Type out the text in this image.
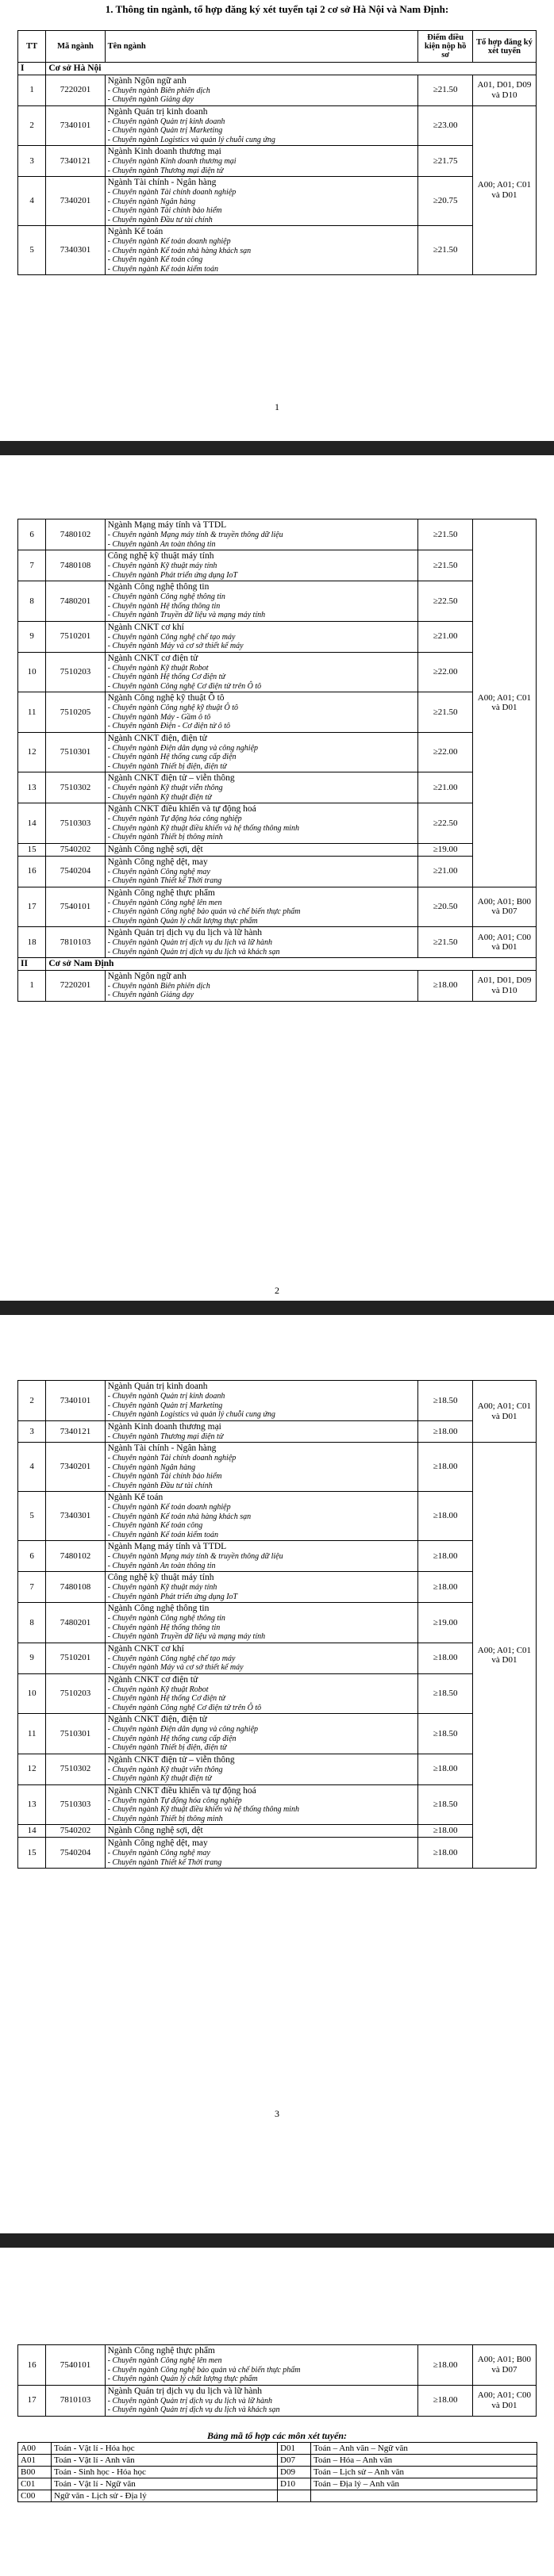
1. Thông tin ngành, tổ hợp đăng ký xét tuyển tại 2 cơ sở Hà Nội và Nam Định:
TT	Mã ngành	Tên ngành	Điểm điều kiện nộp hồ sơ	Tổ hợp đăng ký xét tuyển
I	Cơ sở Hà Nội			
1	7220201	Ngành Ngôn ngữ anh
- Chuyên ngành Biên phiên dịch
- Chuyên ngành Giảng dạy	≥21.50	A01, D01, D09 và D10
2	7340101	Ngành Quản trị kinh doanh
- Chuyên ngành Quản trị kinh doanh
- Chuyên ngành Quản trị Marketing
- Chuyên ngành Logistics và quản lý chuỗi cung ứng	≥23.00	A00; A01; C01 và D01
3	7340121	Ngành Kinh doanh thương mại
- Chuyên ngành Kinh doanh thương mại
- Chuyên ngành Thương mại điện tử	≥21.75	
4	7340201	Ngành Tài chính - Ngân hàng
- Chuyên ngành Tài chính doanh nghiệp
- Chuyên ngành Ngân hàng
- Chuyên ngành Tài chính bảo hiểm
- Chuyên ngành Đầu tư tài chính	≥20.75	
5	7340301	Ngành Kế toán
- Chuyên ngành Kế toán doanh nghiệp
- Chuyên ngành Kế toán nhà hàng khách sạn
- Chuyên ngành Kế toán công
- Chuyên ngành Kế toán kiểm toán	≥21.50	
1
6	7480102	Ngành Mạng máy tính và TTDL
- Chuyên ngành Mạng máy tính & truyền thông dữ liệu
- Chuyên ngành An toàn thông tin	≥21.50	A00; A01; C01 và D01
7	7480108	Công nghệ kỹ thuật máy tính
- Chuyên ngành Kỹ thuật máy tính
- Chuyên ngành Phát triển ứng dụng IoT	≥21.50	
8	7480201	Ngành Công nghệ thông tin
- Chuyên ngành Công nghệ thông tin
- Chuyên ngành Hệ thống thông tin
- Chuyên ngành Truyền dữ liệu và mạng máy tính	≥22.50	
9	7510201	Ngành CNKT cơ khí
- Chuyên ngành Công nghệ chế tạo máy
- Chuyên ngành Máy và cơ sở thiết kế máy	≥21.00	
10	7510203	Ngành CNKT cơ điện tử
- Chuyên ngành Kỹ thuật Robot
- Chuyên ngành Hệ thống Cơ điện tử
- Chuyên ngành Công nghệ Cơ điện tử trên Ô tô	≥22.00	
11	7510205	Ngành Công nghệ kỹ thuật Ô tô
- Chuyên ngành Công nghệ kỹ thuật Ô tô
- Chuyên ngành Máy - Gầm ô tô
- Chuyên ngành Điện - Cơ điện tử ô tô	≥21.50	
12	7510301	Ngành CNKT điện, điện tử
- Chuyên ngành Điện dân dụng và công nghiệp
- Chuyên ngành Hệ thống cung cấp điện
- Chuyên ngành Thiết bị điện, điện tử	≥22.00	
13	7510302	Ngành CNKT điện tử – viễn thông
- Chuyên ngành Kỹ thuật viễn thông
- Chuyên ngành Kỹ thuật điện tử	≥21.00	
14	7510303	Ngành CNKT điều khiển và tự động hoá
- Chuyên ngành Tự động hóa công nghiệp
- Chuyên ngành Kỹ thuật điều khiển và hệ thống thông minh
- Chuyên ngành Thiết bị thông minh	≥22.50	
15	7540202	Ngành Công nghệ sợi, dệt	≥19.00	
16	7540204	Ngành Công nghệ dệt, may
- Chuyên ngành Công nghệ may
- Chuyên ngành Thiết kế Thời trang	≥21.00	
17	7540101	Ngành Công nghệ thực phẩm
- Chuyên ngành Công nghệ lên men
- Chuyên ngành Công nghệ bảo quản và chế biến thực phẩm
- Chuyên ngành Quản lý chất lượng thực phẩm	≥20.50	A00; A01; B00 và D07
18	7810103	Ngành Quản trị dịch vụ du lịch và lữ hành
- Chuyên ngành Quản trị dịch vụ du lịch và lữ hành
- Chuyên ngành Quản trị dịch vụ du lịch và khách sạn	≥21.50	A00; A01; C00 và D01
II	Cơ sở Nam Định			
1	7220201	Ngành Ngôn ngữ anh
- Chuyên ngành Biên phiên dịch
- Chuyên ngành Giảng dạy	≥18.00	A01, D01, D09 và D10
2
2	7340101	Ngành Quản trị kinh doanh
- Chuyên ngành Quản trị kinh doanh
- Chuyên ngành Quản trị Marketing
- Chuyên ngành Logistics và quản lý chuỗi cung ứng	≥18.50	A00; A01; C01 và D01
3	7340121	Ngành Kinh doanh thương mại
- Chuyên ngành Thương mại điện tử	≥18.00	
4	7340201	Ngành Tài chính - Ngân hàng
- Chuyên ngành Tài chính doanh nghiệp
- Chuyên ngành Ngân hàng
- Chuyên ngành Tài chính bảo hiểm
- Chuyên ngành Đầu tư tài chính	≥18.00	A00; A01; C01 và D01
5	7340301	Ngành Kế toán
- Chuyên ngành Kế toán doanh nghiệp
- Chuyên ngành Kế toán nhà hàng khách sạn
- Chuyên ngành Kế toán công
- Chuyên ngành Kế toán kiểm toán	≥18.00	
6	7480102	Ngành Mạng máy tính và TTDL
- Chuyên ngành Mạng máy tính & truyền thông dữ liệu
- Chuyên ngành An toàn thông tin	≥18.00	
7	7480108	Công nghệ kỹ thuật máy tính
- Chuyên ngành Kỹ thuật máy tính
- Chuyên ngành Phát triển ứng dụng IoT	≥18.00	
8	7480201	Ngành Công nghệ thông tin
- Chuyên ngành Công nghệ thông tin
- Chuyên ngành Hệ thống thông tin
- Chuyên ngành Truyền dữ liệu và mạng máy tính	≥19.00	
9	7510201	Ngành CNKT cơ khí
- Chuyên ngành Công nghệ chế tạo máy
- Chuyên ngành Máy và cơ sở thiết kế máy	≥18.00	
10	7510203	Ngành CNKT cơ điện tử
- Chuyên ngành Kỹ thuật Robot
- Chuyên ngành Hệ thống Cơ điện tử
- Chuyên ngành Công nghệ Cơ điện tử trên Ô tô	≥18.50	
11	7510301	Ngành CNKT điện, điện tử
- Chuyên ngành Điện dân dụng và công nghiệp
- Chuyên ngành Hệ thống cung cấp điện
- Chuyên ngành Thiết bị điện, điện tử	≥18.50	
12	7510302	Ngành CNKT điện tử – viễn thông
- Chuyên ngành Kỹ thuật viễn thông
- Chuyên ngành Kỹ thuật điện tử	≥18.00	
13	7510303	Ngành CNKT điều khiển và tự động hoá
- Chuyên ngành Tự động hóa công nghiệp
- Chuyên ngành Kỹ thuật điều khiển và hệ thống thông minh
- Chuyên ngành Thiết bị thông minh	≥18.50	
14	7540202	Ngành Công nghệ sợi, dệt	≥18.00	
15	7540204	Ngành Công nghệ dệt, may
- Chuyên ngành Công nghệ may
- Chuyên ngành Thiết kế Thời trang	≥18.00	
3
16	7540101	Ngành Công nghệ thực phẩm
- Chuyên ngành Công nghệ lên men
- Chuyên ngành Công nghệ bảo quản và chế biến thực phẩm
- Chuyên ngành Quản lý chất lượng thực phẩm	≥18.00	A00; A01; B00 và D07
17	7810103	Ngành Quản trị dịch vụ du lịch và lữ hành
- Chuyên ngành Quản trị dịch vụ du lịch và lữ hành
- Chuyên ngành Quản trị dịch vụ du lịch và khách sạn	≥18.00	A00; A01; C00 và D01
Bảng mã tổ hợp các môn xét tuyển:
A00	Toán - Vật lí - Hóa học	D01	Toán – Anh văn – Ngữ văn
A01	Toán - Vật lí - Anh văn	D07	Toán – Hóa – Anh văn
B00	Toán - Sinh học - Hóa học	D09	Toán – Lịch sử – Anh văn
C01	Toán - Vật lí - Ngữ văn	D10	Toán – Địa lý – Anh văn
C00	Ngữ văn - Lịch sử - Địa lý		
